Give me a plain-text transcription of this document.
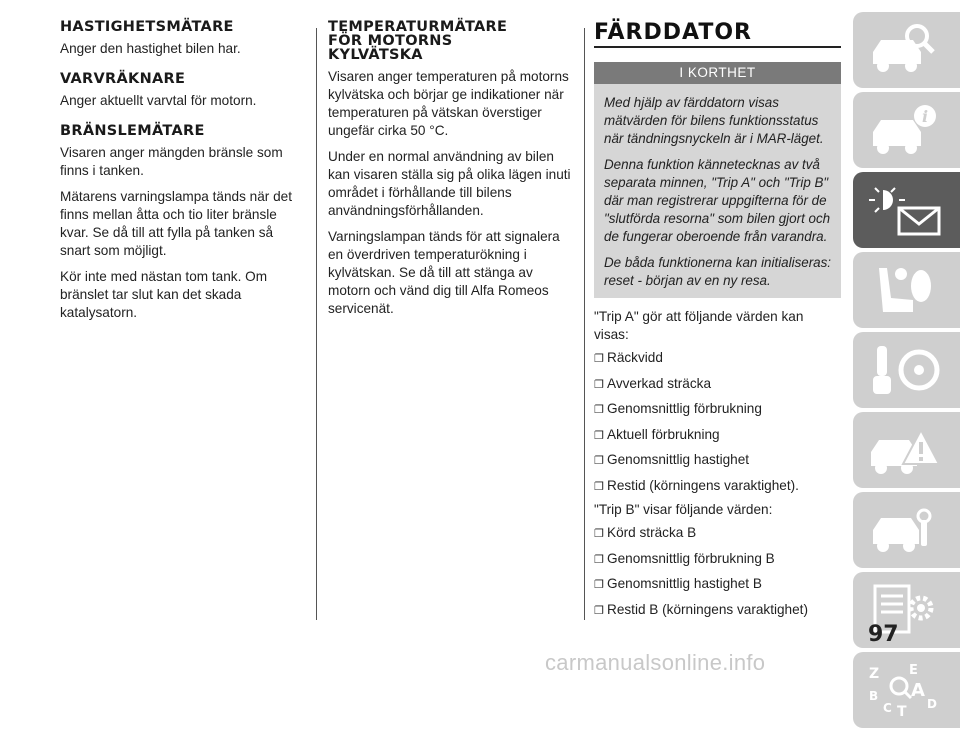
HASTIGHETSMÄTARE

Anger den hastighet bilen har.

VARVRÄKNARE

Anger aktuellt varvtal för motorn.

BRÄNSLEMÄTARE

Visaren anger mängden bränsle som finns i tanken.

Mätarens varningslampa tänds när det finns mellan åtta och tio liter bränsle kvar. Se då till att fylla på tanken så snart som möjligt.

Kör inte med nästan tom tank. Om bränslet tar slut kan det skada katalysatorn.

TEMPERATURMÄTARE
FÖR MOTORNS
KYLVÄTSKA

Visaren anger temperaturen på motorns kylvätska och börjar ge indikationer när temperaturen på vätskan överstiger ungefär cirka 50 °C.

Under en normal användning av bilen kan visaren ställa sig på olika lägen inuti området i förhållande till bilens användningsförhållanden.

Varningslampan tänds för att signalera en överdriven temperaturökning i kylvätskan. Se då till att stänga av motorn och vänd dig till Alfa Romeos servicenät.

FÄRDDATOR
I KORTHET

Med hjälp av färddatorn visas mätvärden för bilens funktionsstatus när tändningsnyckeln är i MAR-läget.

Denna funktion kännetecknas av två separata minnen, "Trip A" och "Trip B" där man registrerar uppgifterna för de "slutförda resorna" som bilen gjort och de fungerar oberoende från varandra.

De båda funktionerna kan initialiseras: reset - början av en ny resa.

"Trip A" gör att följande värden kan visas:

❐ Räckvidd
❐ Avverkad sträcka
❐ Genomsnittlig förbrukning
❐ Aktuell förbrukning
❐ Genomsnittlig hastighet
❐ Restid (körningens varaktighet).

"Trip B" visar följande värden:

❐ Körd sträcka B
❐ Genomsnittlig förbrukning B
❐ Genomsnittlig hastighet B
❐ Restid B (körningens varaktighet)
i
Z E
B A
C T D
97
carmanualsonline.info
